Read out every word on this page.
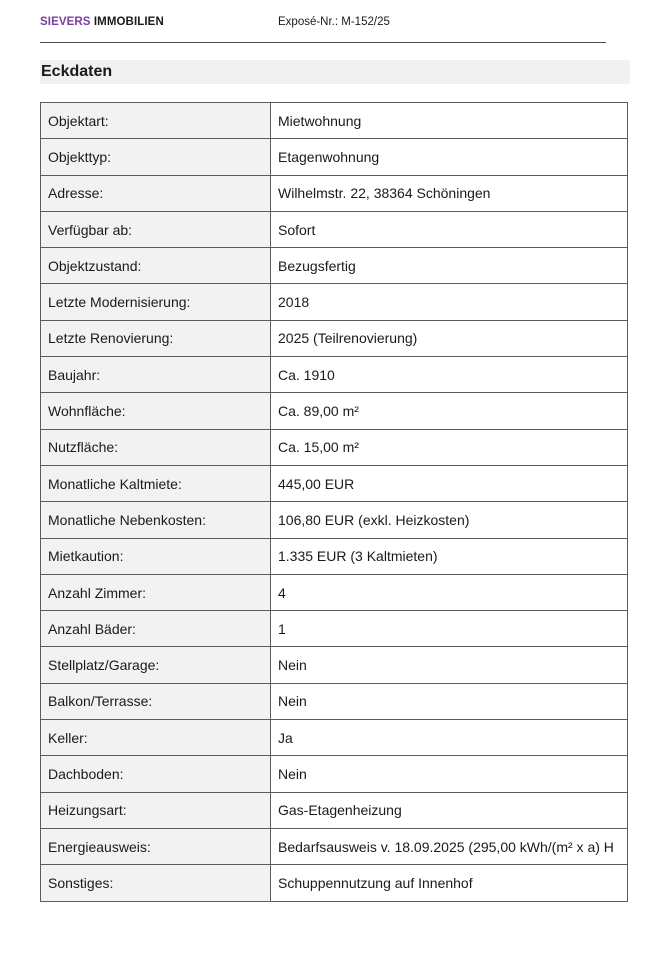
SIEVERS IMMOBILIEN	Exposé-Nr.: M-152/25
Eckdaten
Objektart:	Mietwohnung
Objekttyp:	Etagenwohnung
Adresse:	Wilhelmstr. 22, 38364 Schöningen
Verfügbar ab:	Sofort
Objektzustand:	Bezugsfertig
Letzte Modernisierung:	2018
Letzte Renovierung:	2025 (Teilrenovierung)
Baujahr:	Ca. 1910
Wohnfläche:	Ca. 89,00 m²
Nutzfläche:	Ca. 15,00 m²
Monatliche Kaltmiete:	445,00 EUR
Monatliche Nebenkosten:	106,80 EUR (exkl. Heizkosten)
Mietkaution:	1.335 EUR (3 Kaltmieten)
Anzahl Zimmer:	4
Anzahl Bäder:	1
Stellplatz/Garage:	Nein
Balkon/Terrasse:	Nein
Keller:	Ja
Dachboden:	Nein
Heizungsart:	Gas-Etagenheizung
Energieausweis:	Bedarfsausweis v. 18.09.2025 (295,00 kWh/(m² x a) H
Sonstiges:	Schuppennutzung auf Innenhof
